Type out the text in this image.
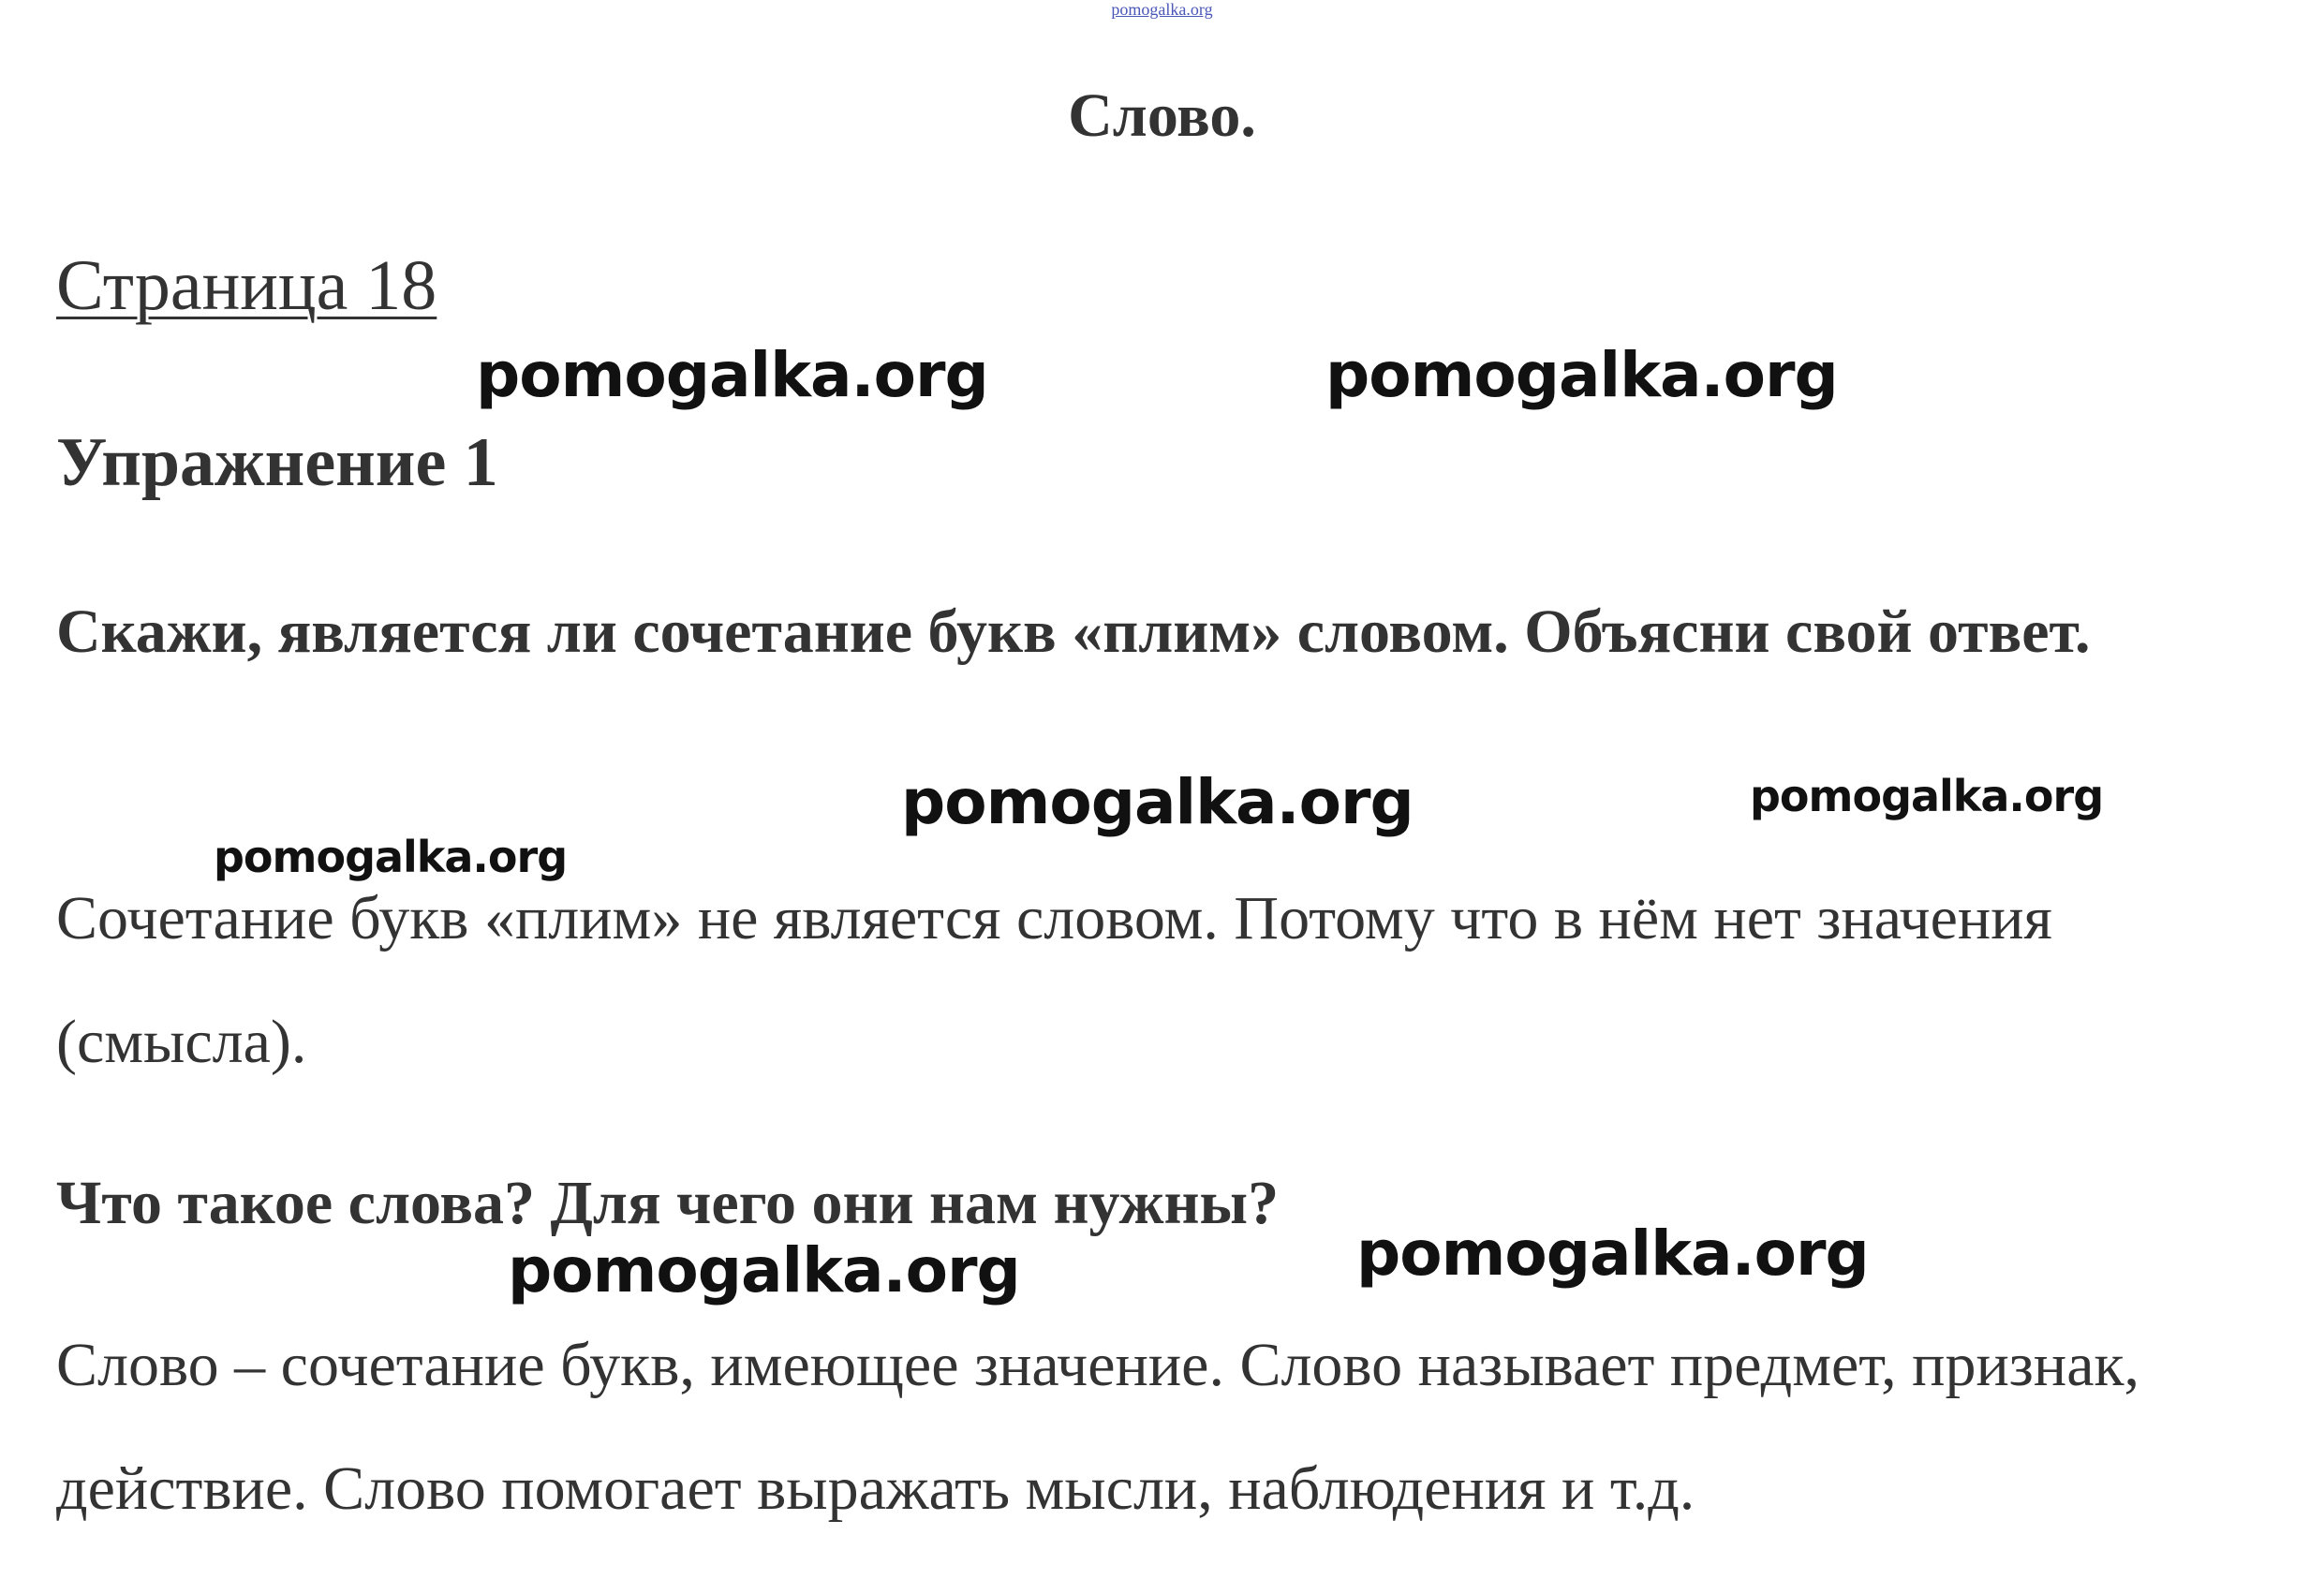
pomogalka.org
Слово.
Страница 18
Упражнение 1
Скажи, является ли сочетание букв «плим» словом. Объясни свой ответ.
Сочетание букв «плим» не является словом. Потому что в нём нет значения (смысла).
Что такое слова? Для чего они нам нужны?
Слово – сочетание букв, имеющее значение. Слово называет предмет, признак, действие. Слово помогает выражать мысли, наблюдения и т.д.
pomogalka.org	pomogalka.org
pomogalka.org	pomogalka.org
pomogalka.org
pomogalka.org	pomogalka.org
